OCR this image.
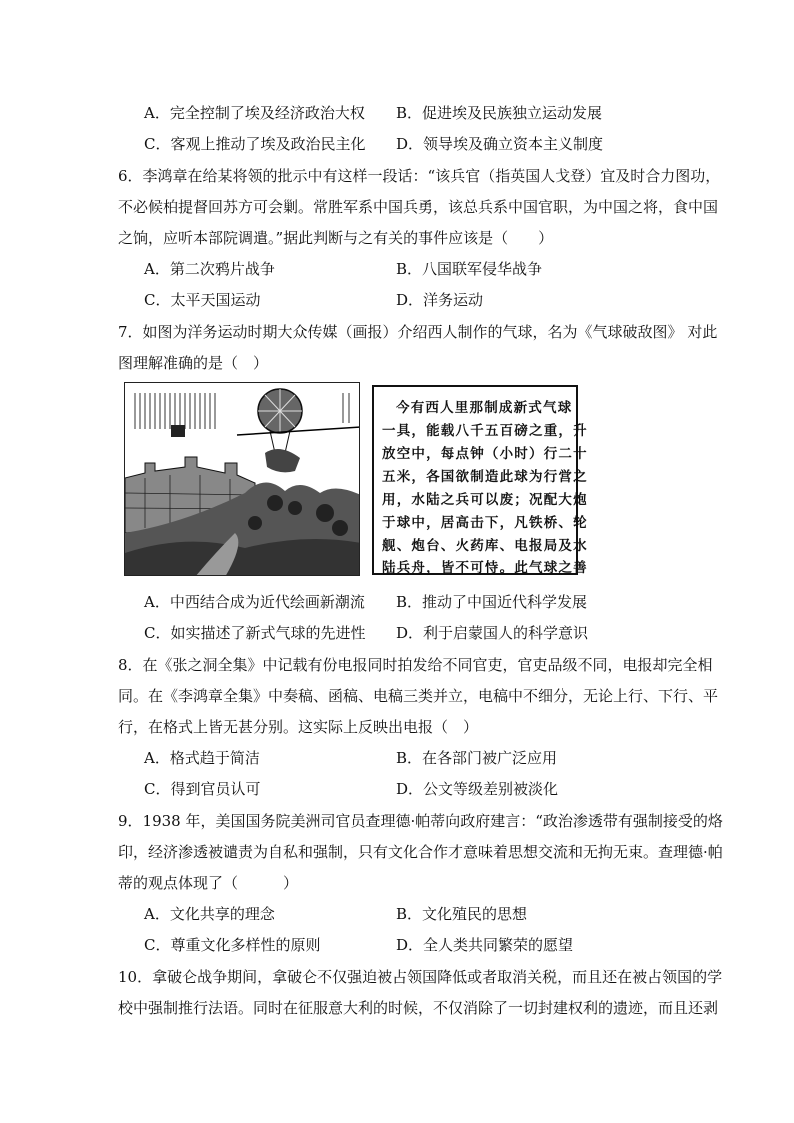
A．完全控制了埃及经济政治大权 B．促进埃及民族独立运动发展
C．客观上推动了埃及政治民主化 D．领导埃及确立资本主义制度
6．李鸿章在给某将领的批示中有这样一段话：“该兵官（指英国人戈登）宜及时合力图功，
不必候柏提督回苏方可会剿。常胜军系中国兵勇，该总兵系中国官职，为中国之将，食中国
之饷，应听本部院调遣。”据此判断与之有关的事件应该是（　　）
A．第二次鸦片战争	B．八国联军侵华战争
C．太平天国运动	D．洋务运动
7．如图为洋务运动时期大众传媒（画报）介绍西人制作的气球，名为《气球破敌图》 对此
图理解准确的是（　）
今有西人里那制成新式气球
一具，能载八千五百磅之重，升
放空中，每点钟（小时）行二十
五米，各国欲制造此球为行営之
用，水陆之兵可以废；况配大炮
于球中，居高击下，凡铁桥、轮
舰、炮台、火药库、电报局及水
陆兵舟，皆不可恃。此气球之善
A．中西结合成为近代绘画新潮流 B．推动了中国近代科学发展
C．如实描述了新式气球的先进性 D．利于启蒙国人的科学意识
8．在《张之洞全集》中记载有份电报同时拍发给不同官吏，官吏品级不同，电报却完全相
同。在《李鸿章全集》中奏稿、函稿、电稿三类并立，电稿中不细分，无论上行、下行、平
行，在格式上皆无甚分别。这实际上反映出电报（　）
A．格式趋于简洁	B．在各部门被广泛应用
C．得到官员认可	D．公文等级差别被淡化
9．1938 年，美国国务院美洲司官员查理德·帕蒂向政府建言：“政治渗透带有强制接受的烙
印，经济渗透被谴责为自私和强制，只有文化合作才意味着思想交流和无拘无束。查理德·帕
蒂的观点体现了（　　　）
A．文化共享的理念	B．文化殖民的思想
C．尊重文化多样性的原则	D．全人类共同繁荣的愿望
10．拿破仑战争期间，拿破仑不仅强迫被占领国降低或者取消关税，而且还在被占领国的学
校中强制推行法语。同时在征服意大利的时候，不仅消除了一切封建权利的遗迹，而且还剥
